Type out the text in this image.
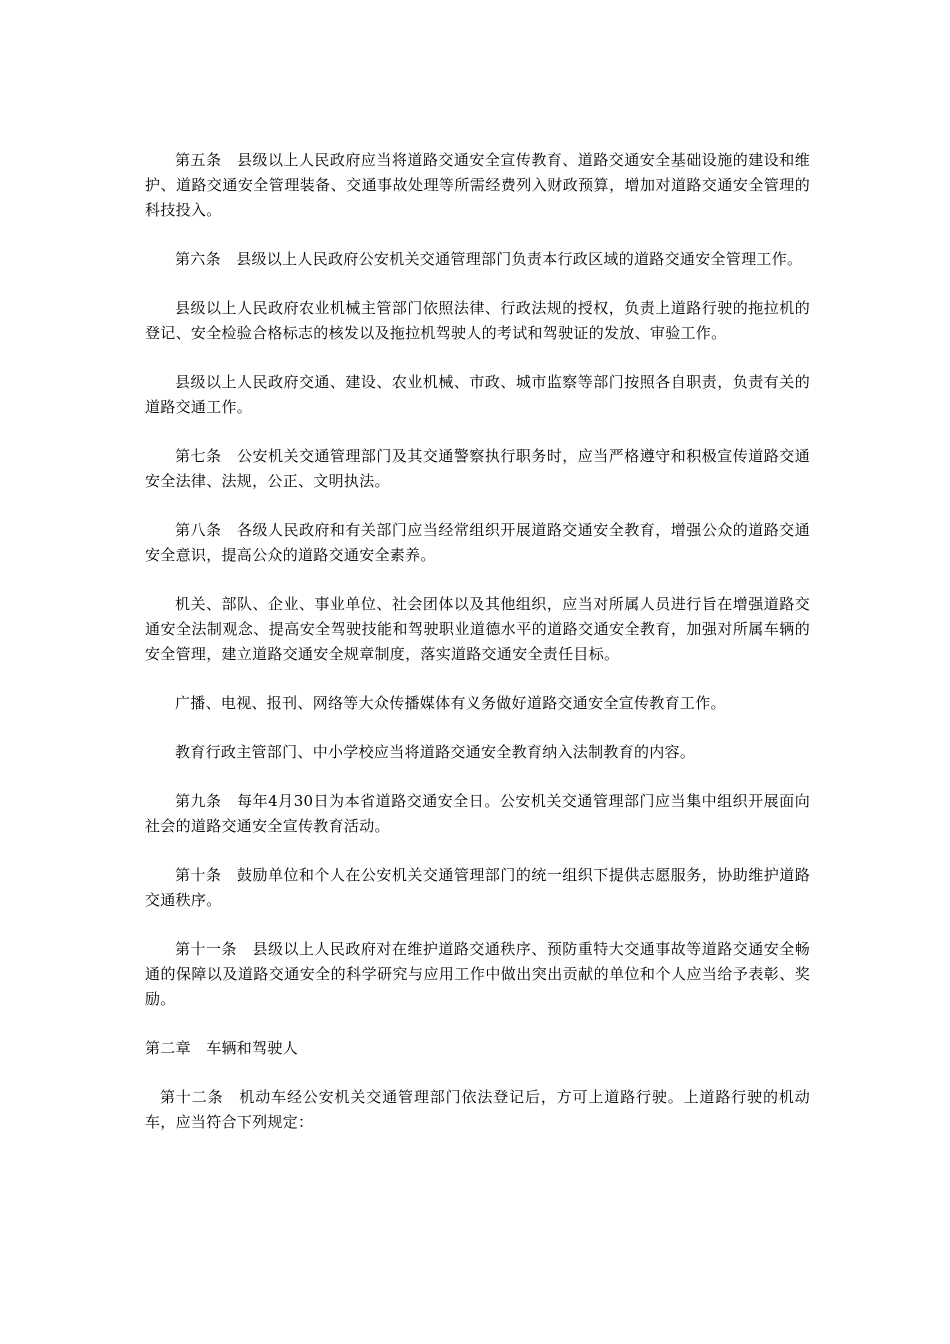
第五条　县级以上人民政府应当将道路交通安全宣传教育、道路交通安全基础设施的建设和维护、道路交通安全管理装备、交通事故处理等所需经费列入财政预算，增加对道路交通安全管理的科技投入。

第六条　县级以上人民政府公安机关交通管理部门负责本行政区域的道路交通安全管理工作。

县级以上人民政府农业机械主管部门依照法律、行政法规的授权，负责上道路行驶的拖拉机的登记、安全检验合格标志的核发以及拖拉机驾驶人的考试和驾驶证的发放、审验工作。

县级以上人民政府交通、建设、农业机械、市政、城市监察等部门按照各自职责，负责有关的道路交通工作。

第七条　公安机关交通管理部门及其交通警察执行职务时，应当严格遵守和积极宣传道路交通安全法律、法规，公正、文明执法。

第八条　各级人民政府和有关部门应当经常组织开展道路交通安全教育，增强公众的道路交通安全意识，提高公众的道路交通安全素养。

机关、部队、企业、事业单位、社会团体以及其他组织，应当对所属人员进行旨在增强道路交通安全法制观念、提高安全驾驶技能和驾驶职业道德水平的道路交通安全教育，加强对所属车辆的安全管理，建立道路交通安全规章制度，落实道路交通安全责任目标。

广播、电视、报刊、网络等大众传播媒体有义务做好道路交通安全宣传教育工作。

教育行政主管部门、中小学校应当将道路交通安全教育纳入法制教育的内容。

第九条　每年4月30日为本省道路交通安全日。公安机关交通管理部门应当集中组织开展面向社会的道路交通安全宣传教育活动。

第十条　鼓励单位和个人在公安机关交通管理部门的统一组织下提供志愿服务，协助维护道路交通秩序。

第十一条　县级以上人民政府对在维护道路交通秩序、预防重特大交通事故等道路交通安全畅通的保障以及道路交通安全的科学研究与应用工作中做出突出贡献的单位和个人应当给予表彰、奖励。

第二章　车辆和驾驶人

第十二条　机动车经公安机关交通管理部门依法登记后，方可上道路行驶。上道路行驶的机动车，应当符合下列规定：
